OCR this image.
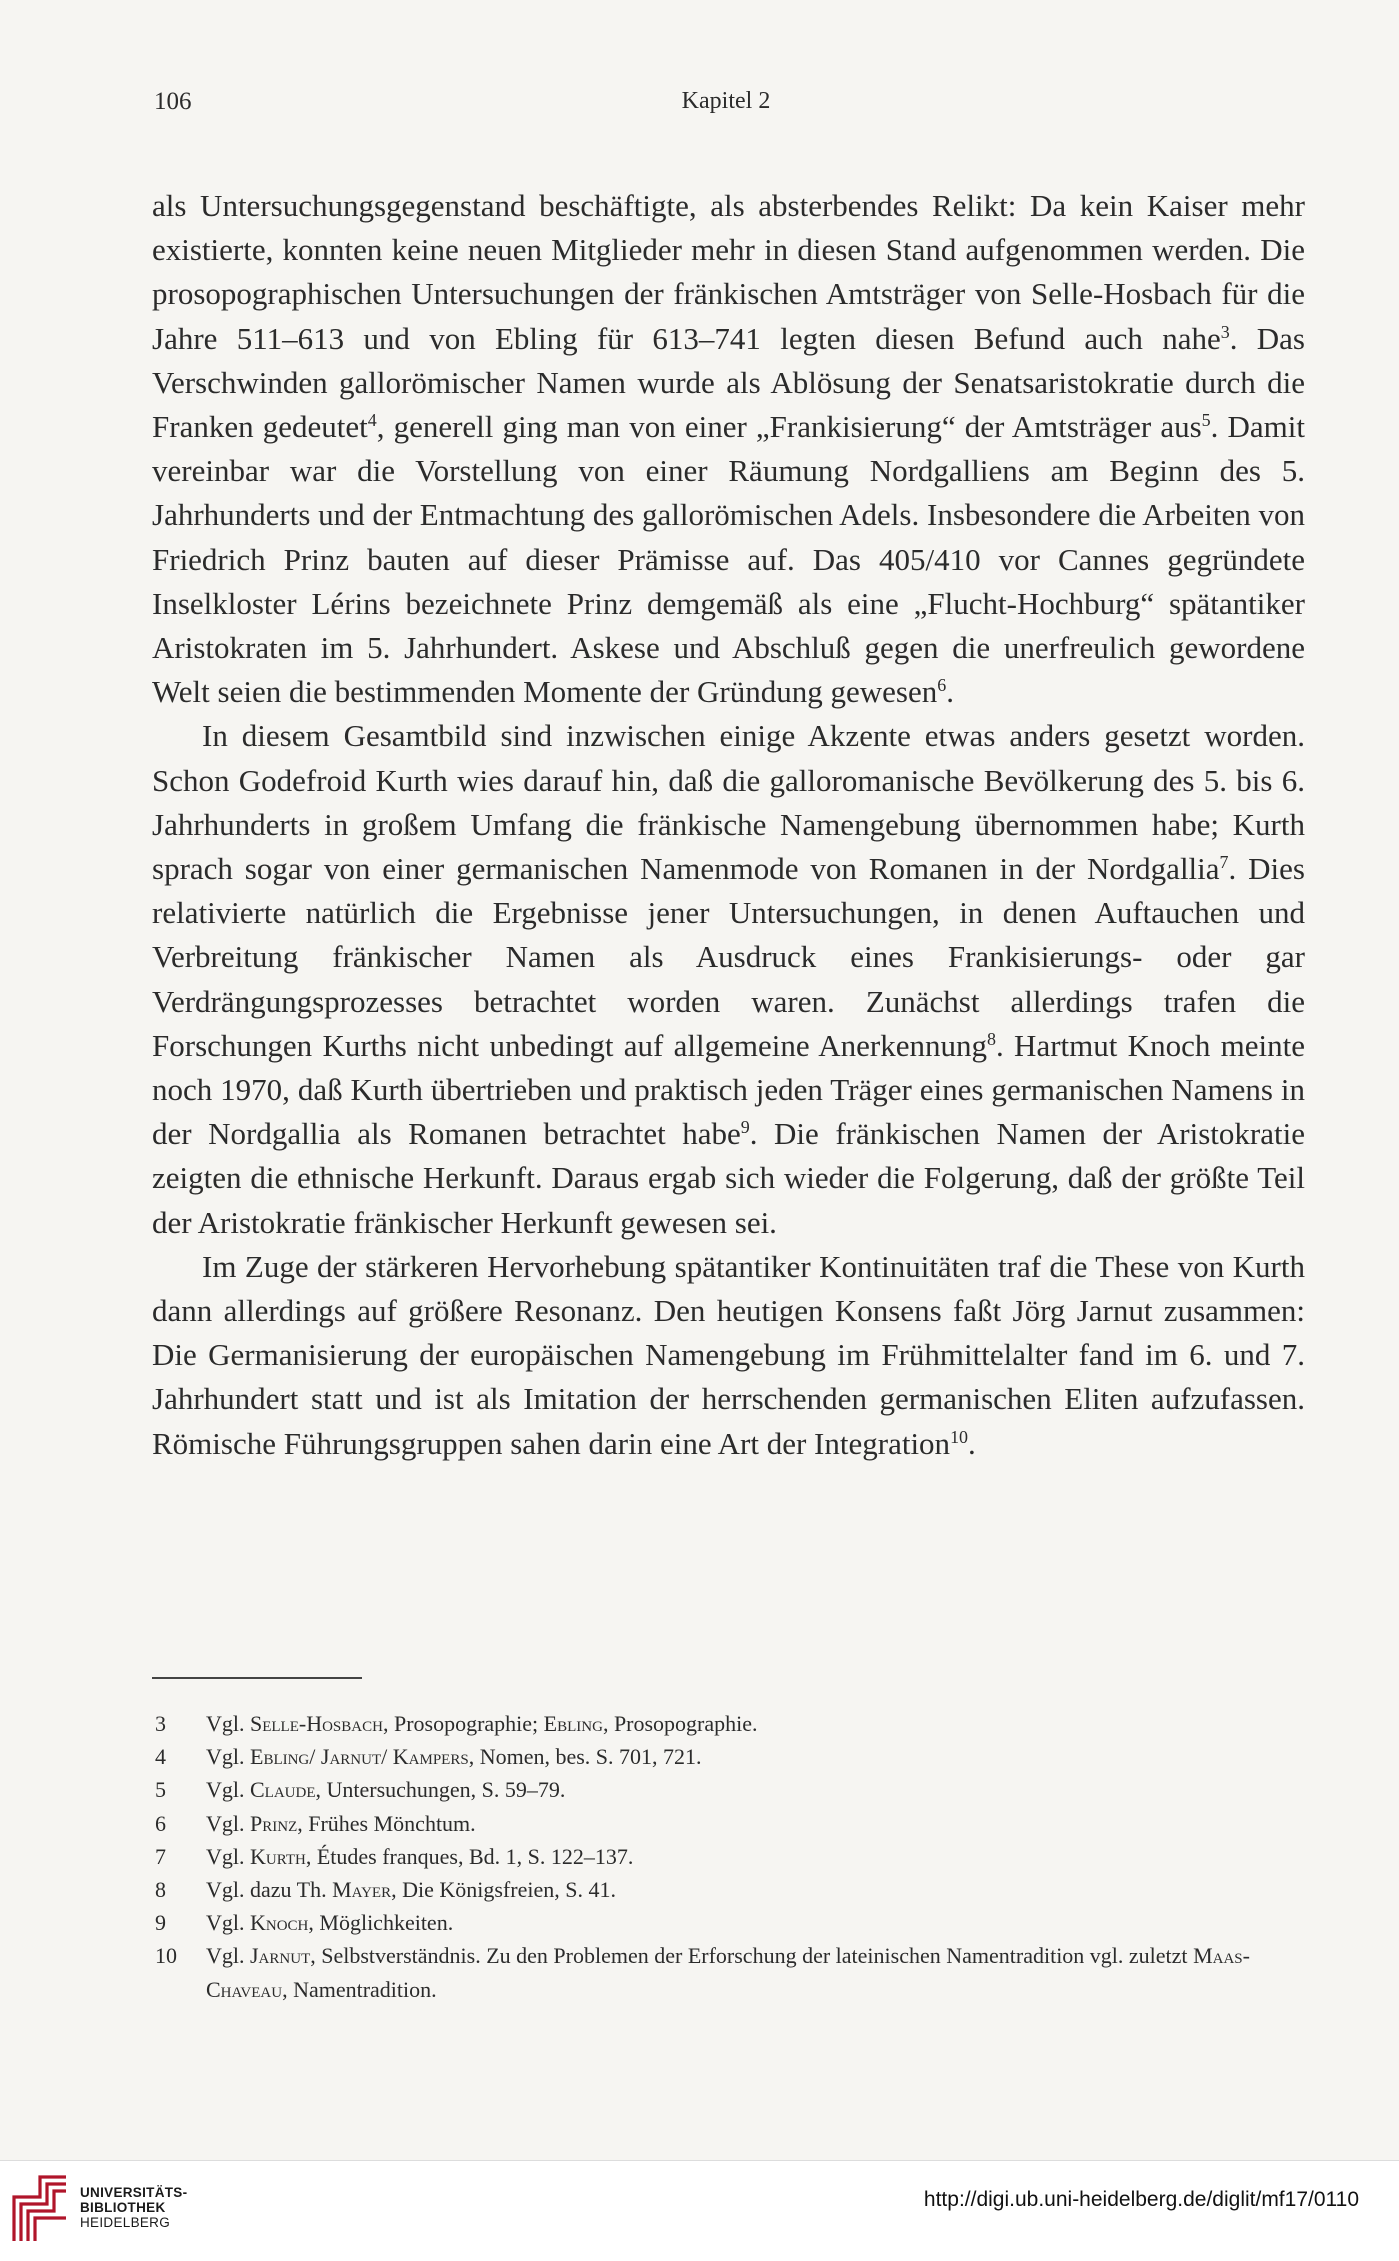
106	Kapitel 2

als Untersuchungsgegenstand beschäftigte, als absterbendes Relikt: Da kein Kaiser mehr existierte, konnten keine neuen Mitglieder mehr in diesen Stand aufgenommen werden. Die prosopographischen Untersuchungen der fränkischen Amtsträger von Selle-Hosbach für die Jahre 511–613 und von Ebling für 613–741 legten diesen Befund auch nahe$^3$. Das Verschwinden gallorömischer Namen wurde als Ablösung der Senatsaristokratie durch die Franken gedeutet$^4$, generell ging man von einer „Frankisierung“ der Amtsträger aus$^5$. Damit vereinbar war die Vorstellung von einer Räumung Nordgalliens am Beginn des 5. Jahrhunderts und der Entmachtung des gallorömischen Adels. Insbesondere die Arbeiten von Friedrich Prinz bauten auf dieser Prämisse auf. Das 405/410 vor Cannes gegründete Inselkloster Lérins bezeichnete Prinz demgemäß als eine „Flucht-Hochburg“ spätantiker Aristokraten im 5. Jahrhundert. Askese und Abschluß gegen die unerfreulich gewordene Welt seien die bestimmenden Momente der Gründung gewesen$^6$.

In diesem Gesamtbild sind inzwischen einige Akzente etwas anders gesetzt worden. Schon Godefroid Kurth wies darauf hin, daß die galloromanische Bevölkerung des 5. bis 6. Jahrhunderts in großem Umfang die fränkische Namengebung übernommen habe; Kurth sprach sogar von einer germanischen Namenmode von Romanen in der Nordgallia$^7$. Dies relativierte natürlich die Ergebnisse jener Untersuchungen, in denen Auftauchen und Verbreitung fränkischer Namen als Ausdruck eines Frankisierungs- oder gar Verdrängungsprozesses betrachtet worden waren. Zunächst allerdings trafen die Forschungen Kurths nicht unbedingt auf allgemeine Anerkennung$^8$. Hartmut Knoch meinte noch 1970, daß Kurth übertrieben und praktisch jeden Träger eines germanischen Namens in der Nordgallia als Romanen betrachtet habe$^9$. Die fränkischen Namen der Aristokratie zeigten die ethnische Herkunft. Daraus ergab sich wieder die Folgerung, daß der größte Teil der Aristokratie fränkischer Herkunft gewesen sei.

Im Zuge der stärkeren Hervorhebung spätantiker Kontinuitäten traf die These von Kurth dann allerdings auf größere Resonanz. Den heutigen Konsens faßt Jörg Jarnut zusammen: Die Germanisierung der europäischen Namengebung im Frühmittelalter fand im 6. und 7. Jahrhundert statt und ist als Imitation der herrschenden germanischen Eliten aufzufassen. Römische Führungsgruppen sahen darin eine Art der Integration$^{10}$.

3 Vgl. Selle-Hosbach, Prosopographie; Ebling, Prosopographie.
4 Vgl. Ebling/ Jarnut/ Kampers, Nomen, bes. S. 701, 721.
5 Vgl. Claude, Untersuchungen, S. 59–79.
6 Vgl. Prinz, Frühes Mönchtum.
7 Vgl. Kurth, Études franques, Bd. 1, S. 122–137.
8 Vgl. dazu Th. Mayer, Die Königsfreien, S. 41.
9 Vgl. Knoch, Möglichkeiten.
10 Vgl. Jarnut, Selbstverständnis. Zu den Problemen der Erforschung der lateinischen Namentradition vgl. zuletzt Maas-Chaveau, Namentradition.
UNIVERSITÄTS-
BIBLIOTHEK
HEIDELBERG
http://digi.ub.uni-heidelberg.de/diglit/mf17/0110
